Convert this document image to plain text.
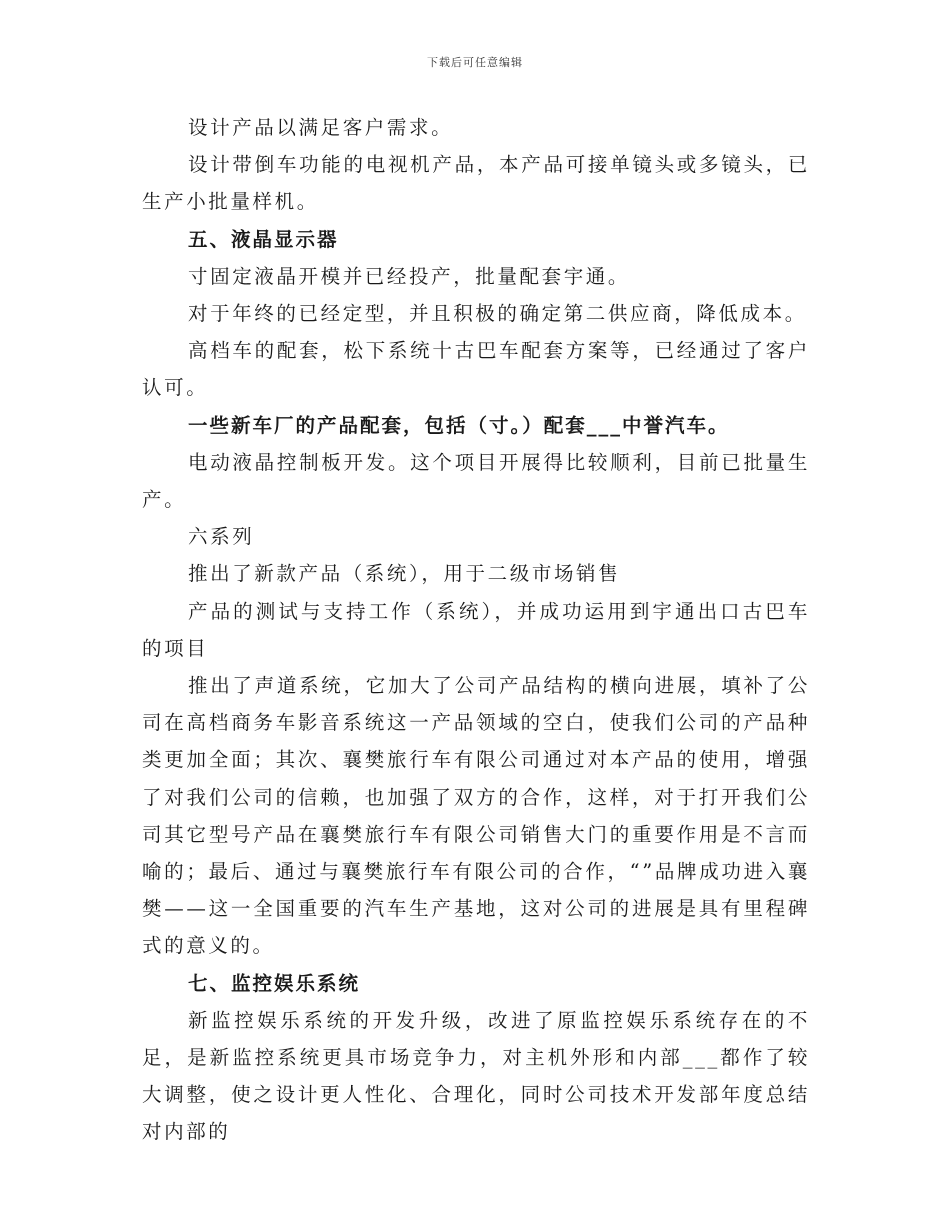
下载后可任意编辑

设计产品以满足客户需求。

设计带倒车功能的电视机产品，本产品可接单镜头或多镜头，已生产小批量样机。

五、液晶显示器

寸固定液晶开模并已经投产，批量配套宇通。

对于年终的已经定型，并且积极的确定第二供应商，降低成本。

高档车的配套，松下系统十古巴车配套方案等，已经通过了客户认可。

一些新车厂的产品配套，包括（寸。）配套___中誉汽车。

电动液晶控制板开发。这个项目开展得比较顺利，目前已批量生产。

六系列

推出了新款产品（系统），用于二级市场销售

产品的测试与支持工作（系统），并成功运用到宇通出口古巴车的项目

推出了声道系统，它加大了公司产品结构的横向进展，填补了公司在高档商务车影音系统这一产品领域的空白，使我们公司的产品种类更加全面；其次、襄樊旅行车有限公司通过对本产品的使用，增强了对我们公司的信赖，也加强了双方的合作，这样，对于打开我们公司其它型号产品在襄樊旅行车有限公司销售大门的重要作用是不言而喻的；最后、通过与襄樊旅行车有限公司的合作，“”品牌成功进入襄樊——这一全国重要的汽车生产基地，这对公司的进展是具有里程碑式的意义的。

七、监控娱乐系统

新监控娱乐系统的开发升级，改进了原监控娱乐系统存在的不足，是新监控系统更具市场竞争力，对主机外形和内部___都作了较大调整，使之设计更人性化、合理化，同时公司技术开发部年度总结对内部的
